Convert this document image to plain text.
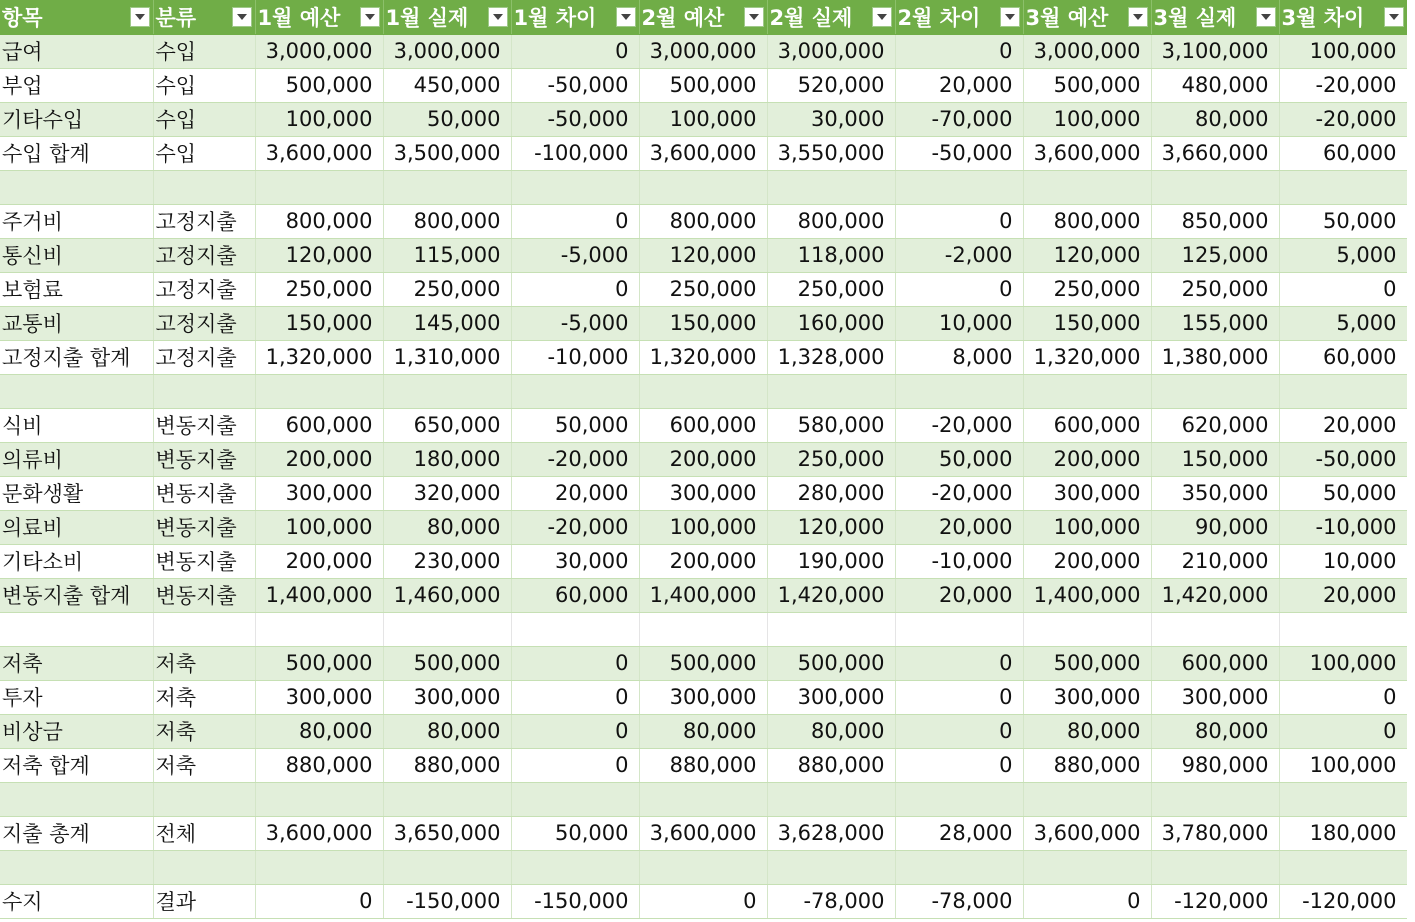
항목	분류	1월 예산	1월 실제	1월 차이	2월 예산	2월 실제	2월 차이	3월 예산	3월 실제	3월 차이

급여	수입	3,000,000	3,000,000	0	3,000,000	3,000,000	0	3,000,000	3,100,000	100,000
부업	수입	500,000	450,000	-50,000	500,000	520,000	20,000	500,000	480,000	-20,000
기타수입	수입	100,000	50,000	-50,000	100,000	30,000	-70,000	100,000	80,000	-20,000
수입 합계	수입	3,600,000	3,500,000	-100,000	3,600,000	3,550,000	-50,000	3,600,000	3,660,000	60,000

주거비	고정지출	800,000	800,000	0	800,000	800,000	0	800,000	850,000	50,000
통신비	고정지출	120,000	115,000	-5,000	120,000	118,000	-2,000	120,000	125,000	5,000
보험료	고정지출	250,000	250,000	0	250,000	250,000	0	250,000	250,000	0
교통비	고정지출	150,000	145,000	-5,000	150,000	160,000	10,000	150,000	155,000	5,000
고정지출 합계	고정지출	1,320,000	1,310,000	-10,000	1,320,000	1,328,000	8,000	1,320,000	1,380,000	60,000

식비	변동지출	600,000	650,000	50,000	600,000	580,000	-20,000	600,000	620,000	20,000
의류비	변동지출	200,000	180,000	-20,000	200,000	250,000	50,000	200,000	150,000	-50,000
문화생활	변동지출	300,000	320,000	20,000	300,000	280,000	-20,000	300,000	350,000	50,000
의료비	변동지출	100,000	80,000	-20,000	100,000	120,000	20,000	100,000	90,000	-10,000
기타소비	변동지출	200,000	230,000	30,000	200,000	190,000	-10,000	200,000	210,000	10,000
변동지출 합계	변동지출	1,400,000	1,460,000	60,000	1,400,000	1,420,000	20,000	1,400,000	1,420,000	20,000

저축	저축	500,000	500,000	0	500,000	500,000	0	500,000	600,000	100,000
투자	저축	300,000	300,000	0	300,000	300,000	0	300,000	300,000	0
비상금	저축	80,000	80,000	0	80,000	80,000	0	80,000	80,000	0
저축 합계	저축	880,000	880,000	0	880,000	880,000	0	880,000	980,000	100,000

지출 총계	전체	3,600,000	3,650,000	50,000	3,600,000	3,628,000	28,000	3,600,000	3,780,000	180,000

수지	결과	0	-150,000	-150,000	0	-78,000	-78,000	0	-120,000	-120,000
